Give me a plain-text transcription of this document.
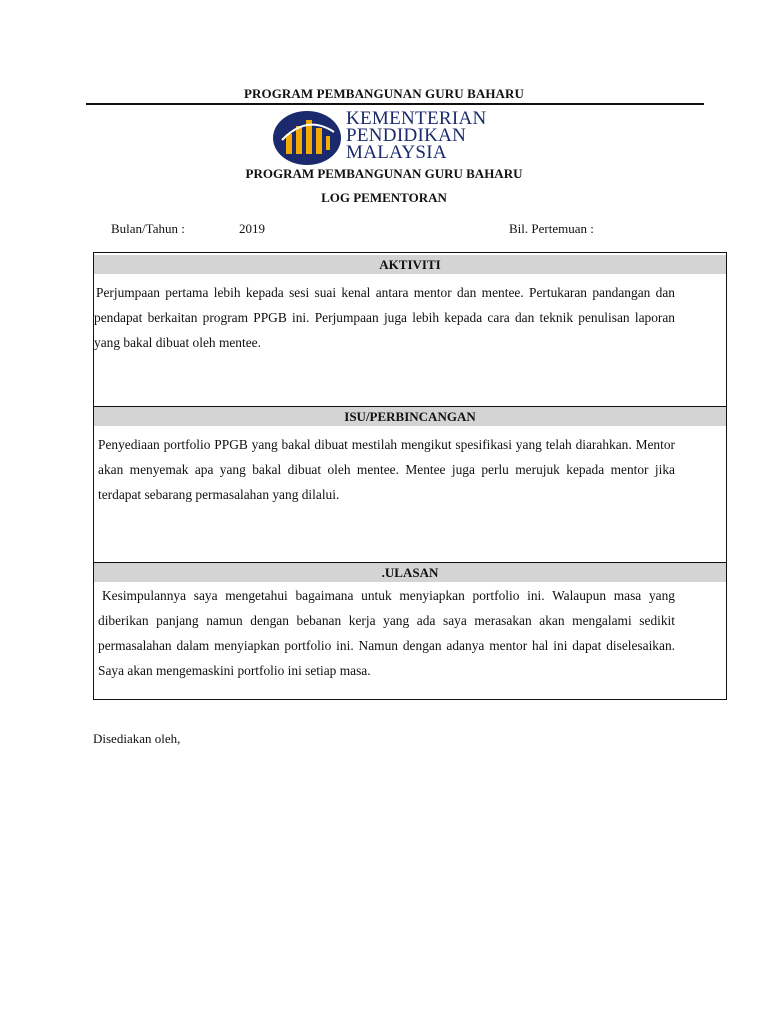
PROGRAM PEMBANGUNAN GURU BAHARU
KEMENTERIAN
PENDIDIKAN
MALAYSIA
PROGRAM PEMBANGUNAN GURU BAHARU
LOG PEMENTORAN
Bulan/Tahun :	2019	Bil. Pertemuan :
AKTIVITI

Perjumpaan pertama lebih kepada sesi suai kenal antara mentor dan mentee. Pertukaran pandangan dan pendapat berkaitan program PPGB ini. Perjumpaan juga lebih kepada cara dan teknik penulisan laporan yang bakal dibuat oleh mentee.

ISU/PERBINCANGAN

Penyediaan portfolio PPGB yang bakal dibuat mestilah mengikut spesifikasi yang telah diarahkan. Mentor akan menyemak apa yang bakal dibuat oleh mentee. Mentee juga perlu merujuk kepada mentor jika terdapat sebarang permasalahan yang dilalui.

.ULASAN

Kesimpulannya saya mengetahui bagaimana untuk menyiapkan portfolio ini. Walaupun masa yang diberikan panjang namun dengan bebanan kerja yang ada saya merasakan akan mengalami sedikit permasalahan dalam menyiapkan portfolio ini. Namun dengan adanya mentor hal ini dapat diselesaikan. Saya akan mengemaskini portfolio ini setiap masa.

Disediakan oleh,
